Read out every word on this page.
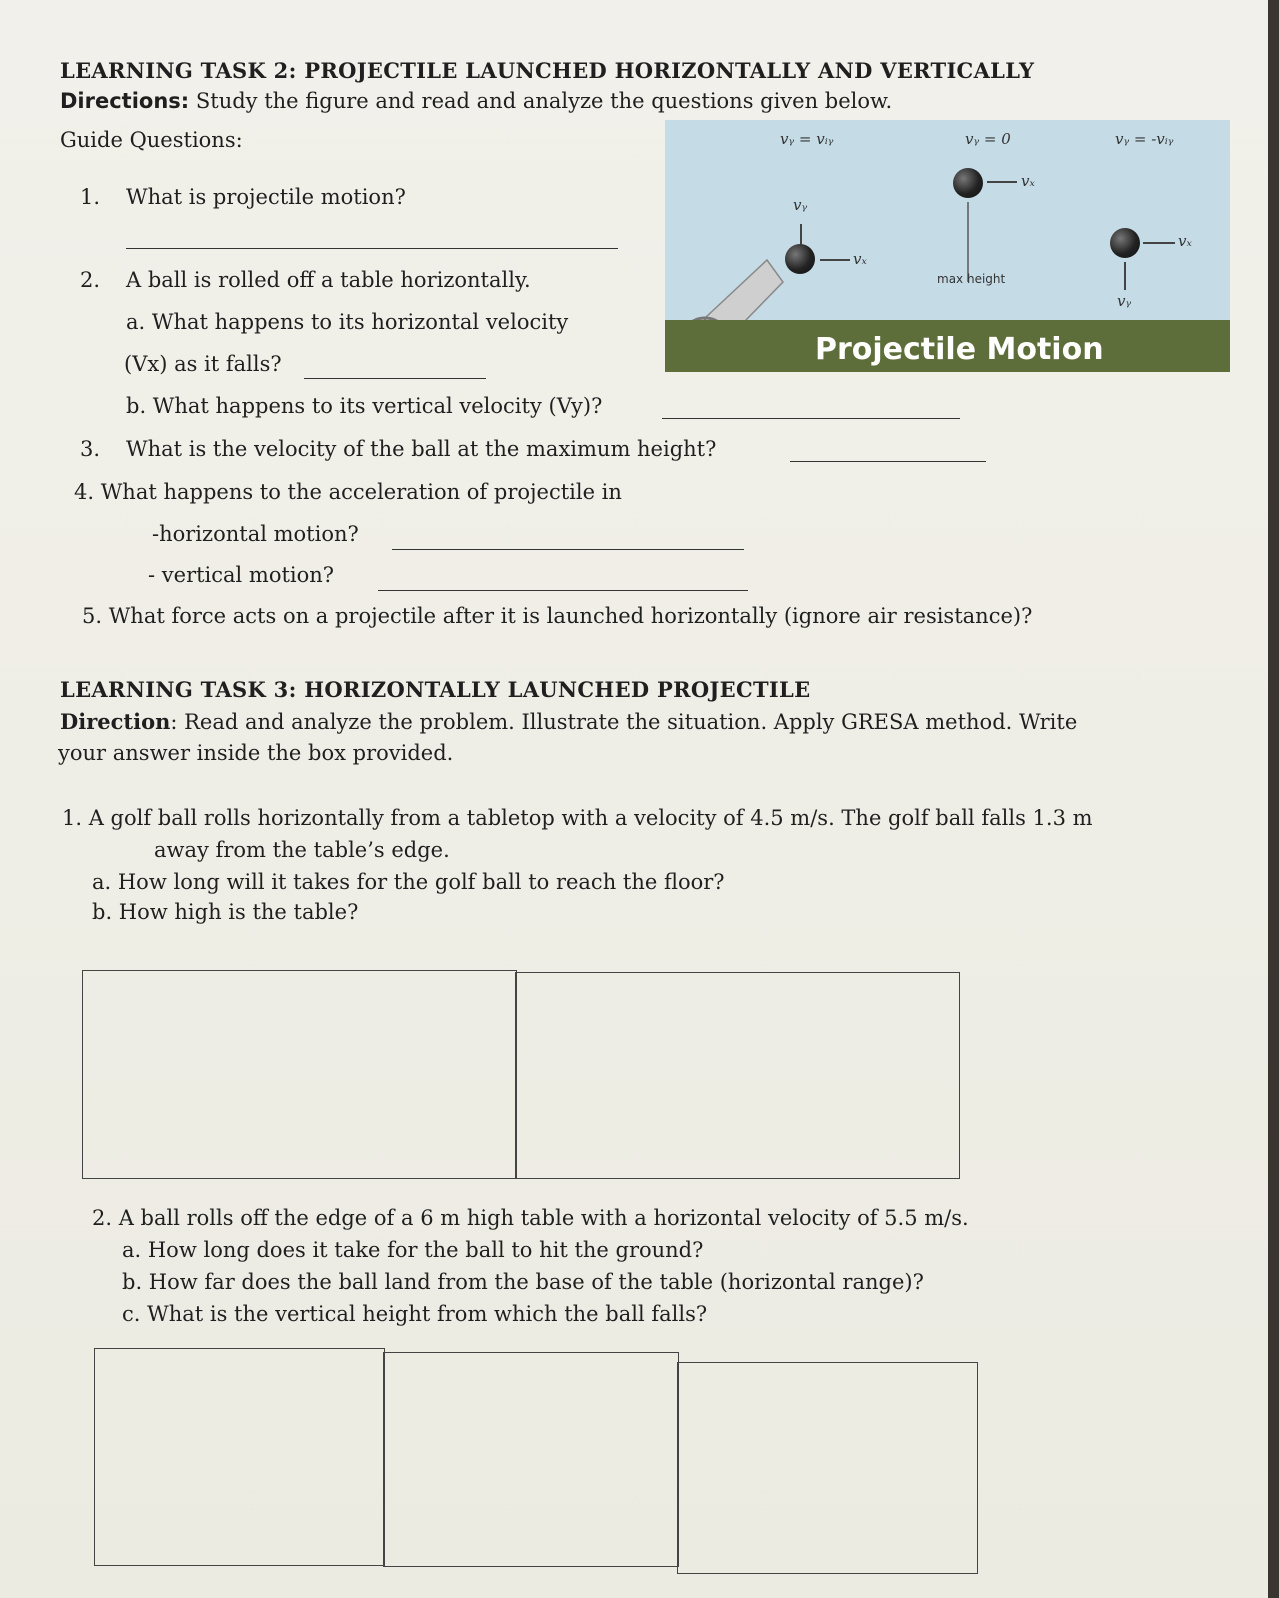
LEARNING TASK 2: PROJECTILE LAUNCHED HORIZONTALLY AND VERTICALLY
Directions: Study the figure and read and analyze the questions given below.
Guide Questions:
1. What is projectile motion?
2. A ball is rolled off a table horizontally.
a. What happens to its horizontal velocity
(Vx) as it falls?
b. What happens to its vertical velocity (Vy)?
3. What is the velocity of the ball at the maximum height?
4. What happens to the acceleration of projectile in
-horizontal motion?
- vertical motion?
5. What force acts on a projectile after it is launched horizontally (ignore air resistance)?
vᵧ = vᵢᵧ	vᵧ = 0	vᵧ = -vᵢᵧ
vᵧ
vₓ
vₓ
max height
vₓ
vᵧ
Projectile Motion
LEARNING TASK 3: HORIZONTALLY LAUNCHED PROJECTILE
Direction: Read and analyze the problem. Illustrate the situation. Apply GRESA method. Write
your answer inside the box provided.
1. A golf ball rolls horizontally from a tabletop with a velocity of 4.5 m/s. The golf ball falls 1.3 m
away from the table’s edge.
a. How long will it takes for the golf ball to reach the floor?
b. How high is the table?
2. A ball rolls off the edge of a 6 m high table with a horizontal velocity of 5.5 m/s.
a. How long does it take for the ball to hit the ground?
b. How far does the ball land from the base of the table (horizontal range)?
c. What is the vertical height from which the ball falls?
